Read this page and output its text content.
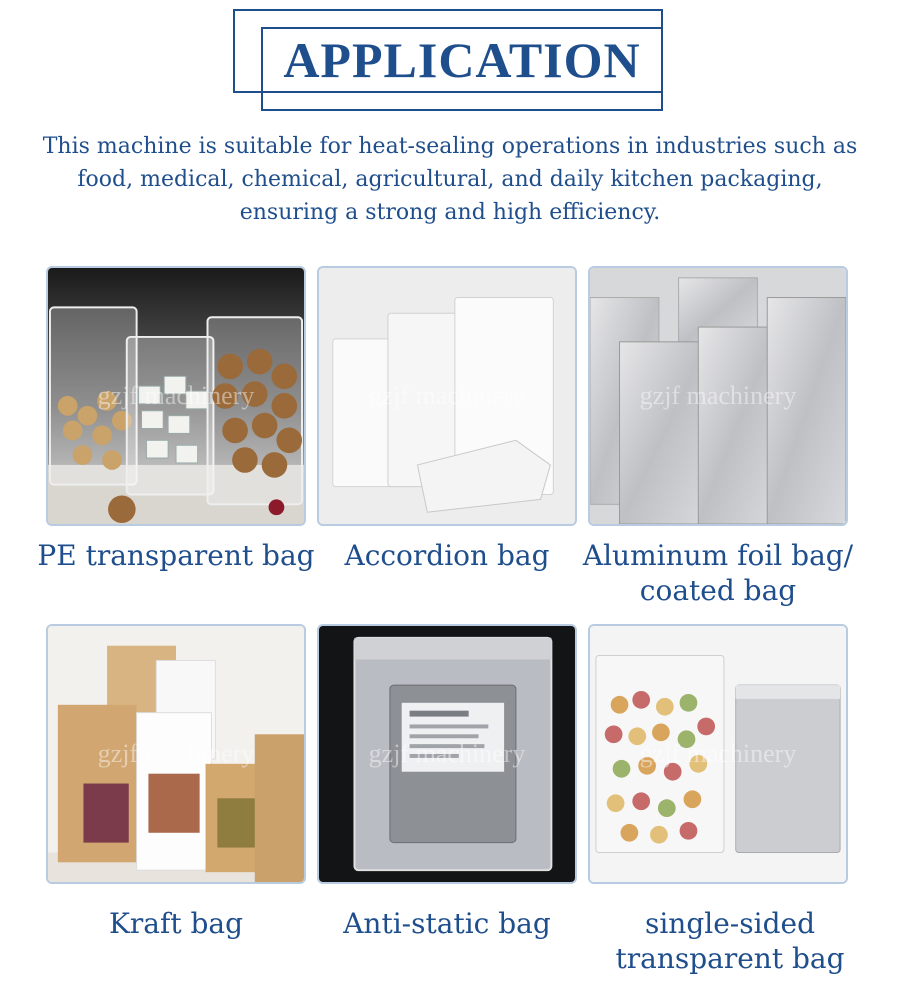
APPLICATION
This machine is suitable for heat-sealing operations in industries such as food, medical, chemical, agricultural, and daily kitchen packaging, ensuring a strong and high efficiency.
gzjf machinery	gzjf machinery	gzjf machinery
gzjf machinery	gzjf machinery	gzjf machinery
PE transparent bag	Accordion bag	Aluminum foil bag/ coated bag
Kraft bag	Anti-static bag	single-sided transparent bag
